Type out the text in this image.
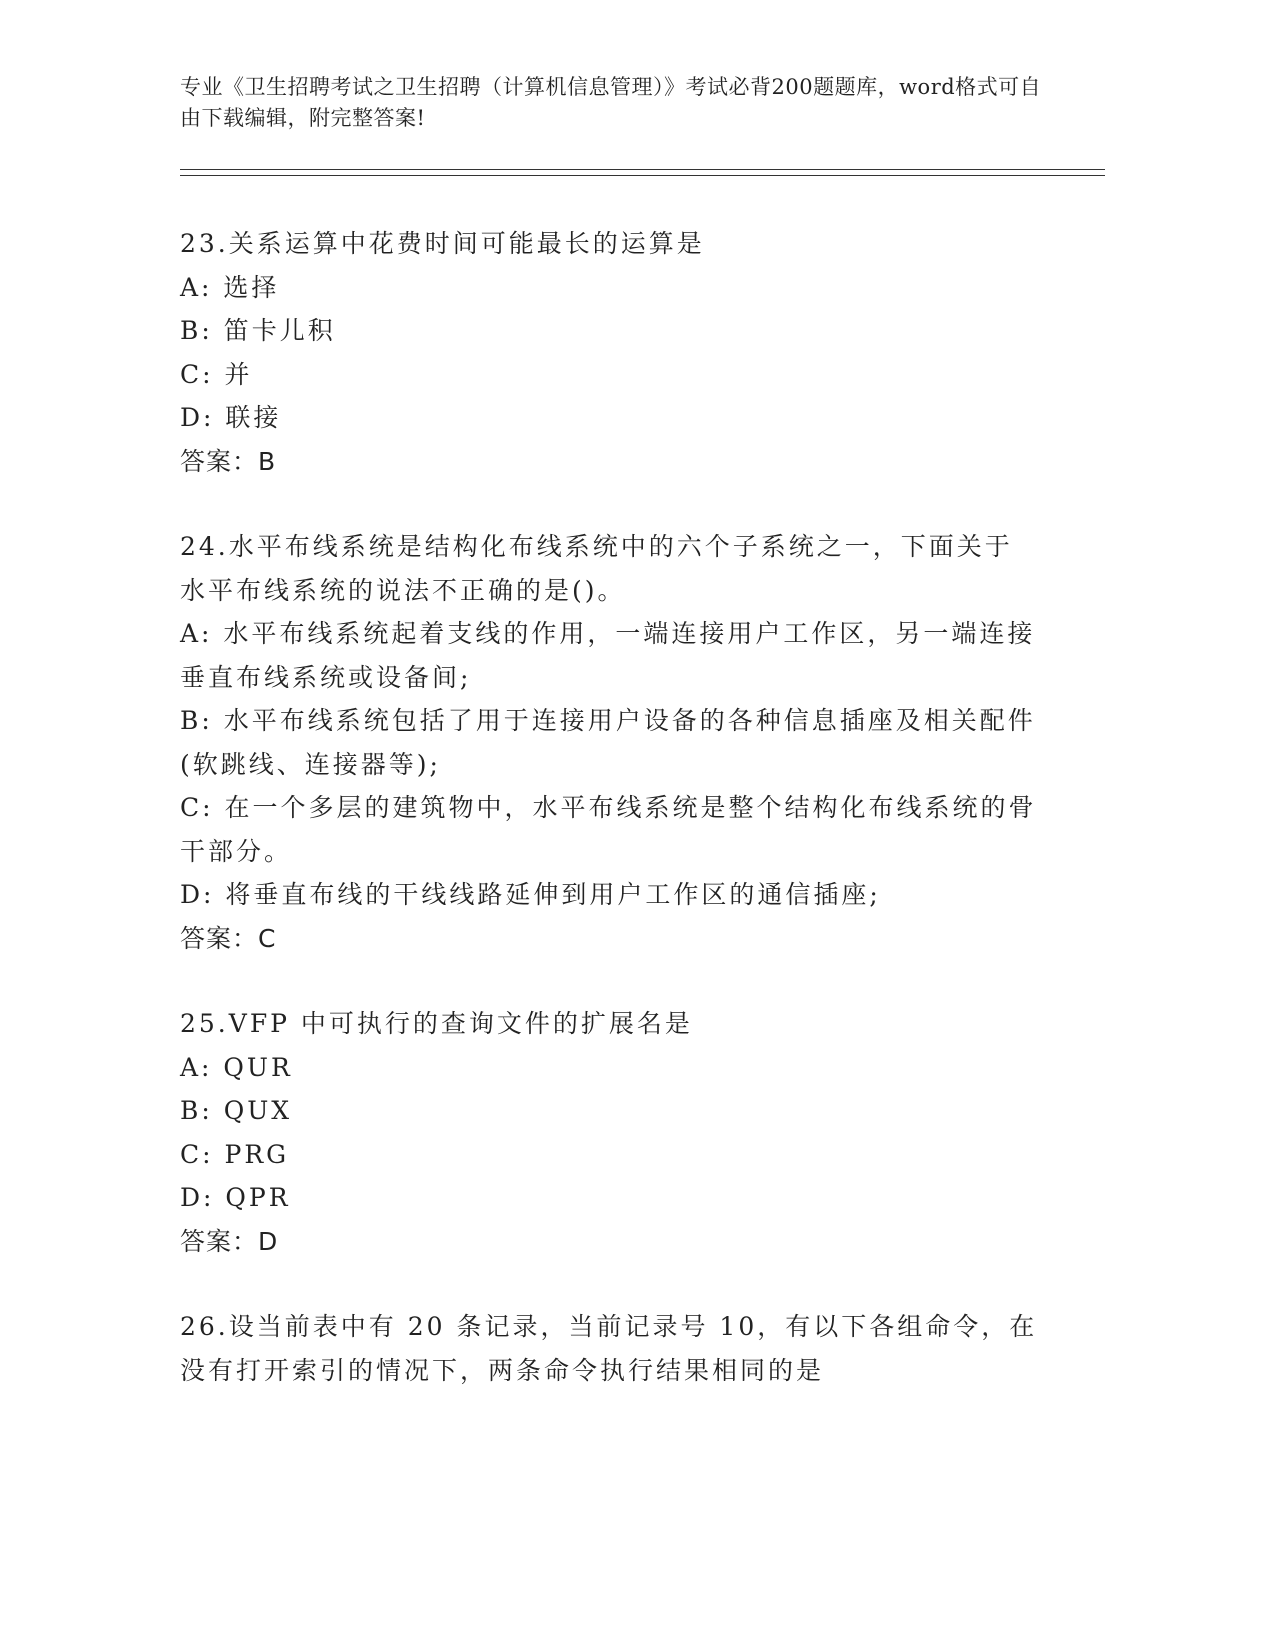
专业《卫生招聘考试之卫生招聘（计算机信息管理）》考试必背200题题库，word格式可自由下载编辑，附完整答案!
23.关系运算中花费时间可能最长的运算是
A: 选择
B: 笛卡儿积
C: 并
D: 联接
答案：B
24.水平布线系统是结构化布线系统中的六个子系统之一，下面关于水平布线系统的说法不正确的是()。
A: 水平布线系统起着支线的作用，一端连接用户工作区，另一端连接垂直布线系统或设备间;
B: 水平布线系统包括了用于连接用户设备的各种信息插座及相关配件(软跳线、连接器等);
C: 在一个多层的建筑物中，水平布线系统是整个结构化布线系统的骨干部分。
D: 将垂直布线的干线线路延伸到用户工作区的通信插座;
答案：C
25.VFP 中可执行的查询文件的扩展名是
A: QUR
B: QUX
C: PRG
D: QPR
答案：D
26.设当前表中有 20 条记录，当前记录号 10，有以下各组命令，在没有打开索引的情况下，两条命令执行结果相同的是
